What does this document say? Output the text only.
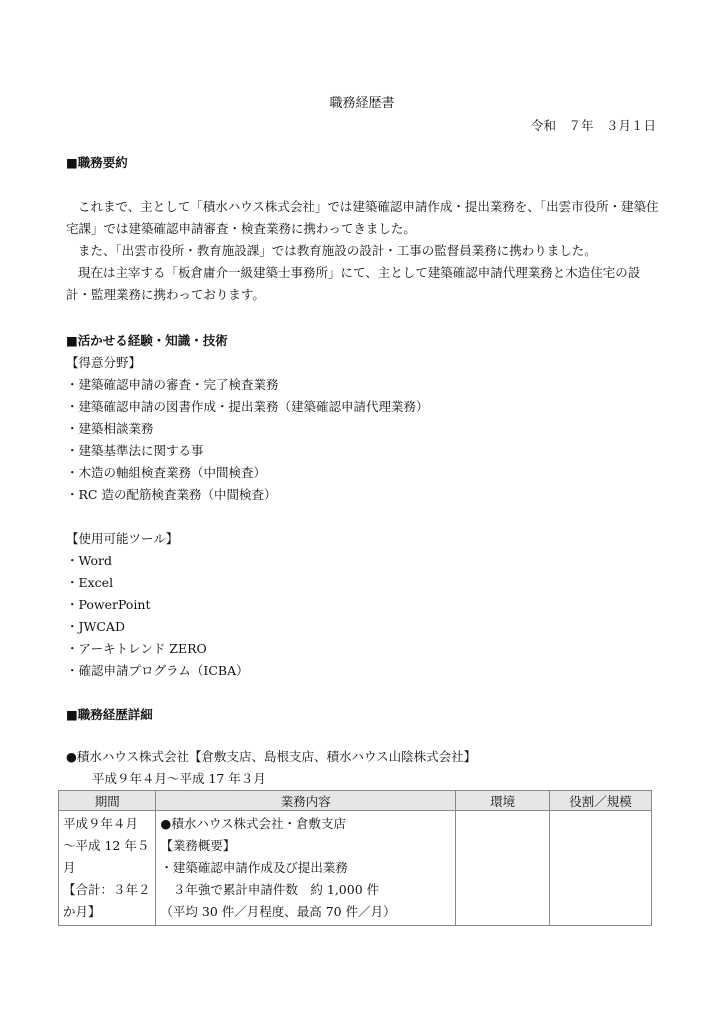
職務経歴書
令和　７年　３月１日
■職務要約
これまで、主として「積水ハウス株式会社」では建築確認申請作成・提出業務を、「出雲市役所・建築住宅課」では建築確認申請審査・検査業務に携わってきました。
また、「出雲市役所・教育施設課」では教育施設の設計・工事の監督員業務に携わりました。
現在は主宰する「板倉庸介一級建築士事務所」にて、主として建築確認申請代理業務と木造住宅の設計・監理業務に携わっております。
■活かせる経験・知識・技術
【得意分野】
・建築確認申請の審査・完了検査業務
・建築確認申請の図書作成・提出業務（建築確認申請代理業務）
・建築相談業務
・建築基準法に関する事
・木造の軸組検査業務（中間検査）
・RC 造の配筋検査業務（中間検査）
【使用可能ツール】
・Word
・Excel
・PowerPoint
・JWCAD
・アーキトレンド ZERO
・確認申請プログラム（ICBA）
■職務経歴詳細
●積水ハウス株式会社【倉敷支店、島根支店、積水ハウス山陰株式会社】
平成９年４月～平成 17 年３月
期間	業務内容	環境	役割／規模

平成９年４月
～平成 12 年５
月
【合計：３年２
か月】	●積水ハウス株式会社・倉敷支店
【業務概要】
・建築確認申請作成及び提出業務
　３年強で累計申請件数　約 1,000 件
（平均 30 件／月程度、最高 70 件／月）		
